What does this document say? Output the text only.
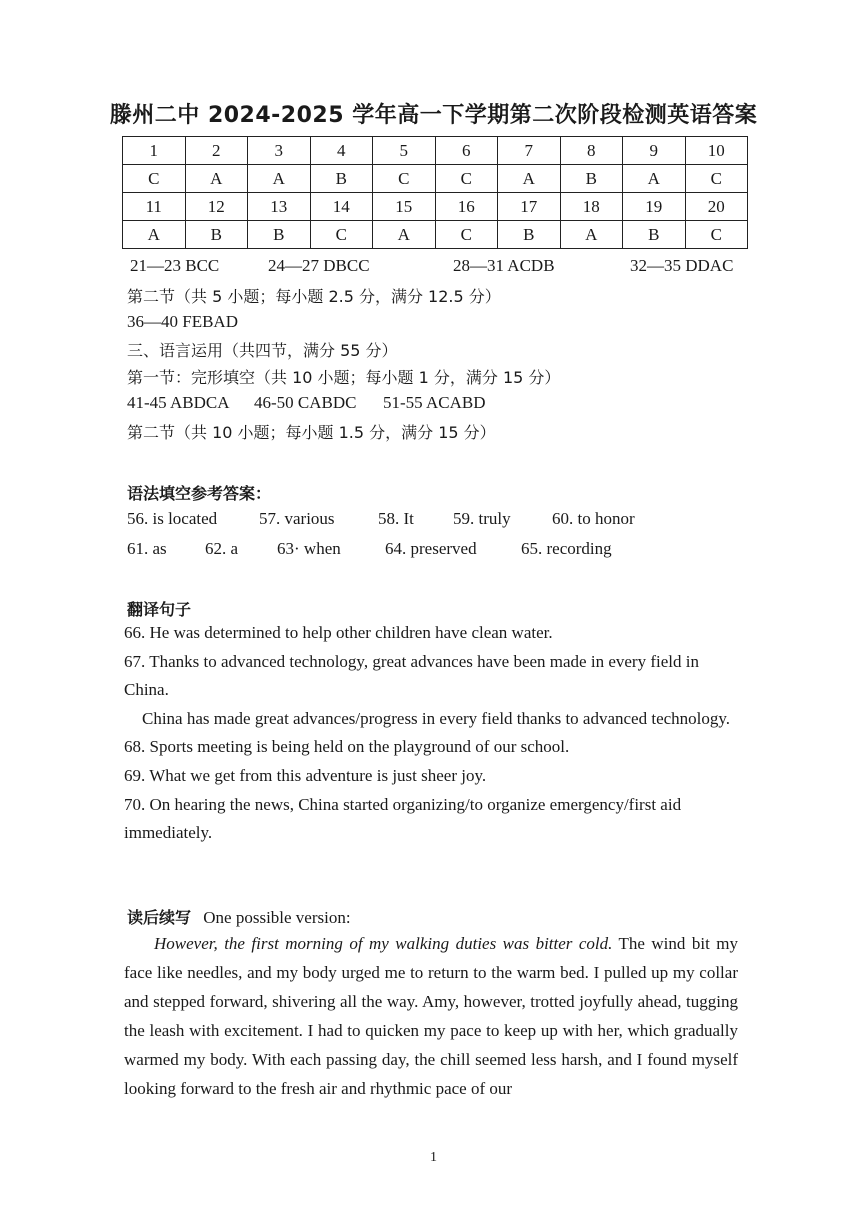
滕州二中 2024-2025 学年高一下学期第二次阶段检测英语答案
1	2	3	4	5	6	7	8	9	10
C	A	A	B	C	C	A	B	A	C
11	12	13	14	15	16	17	18	19	20
A	B	B	C	A	C	B	A	B	C
21—23 BCC	24—27 DBCC	28—31 ACDB	32—35 DDAC
第二节（共 5 小题；每小题 2.5 分，满分 12.5 分）
36—40 FEBAD
三、语言运用（共四节，满分 55 分）
第一节：完形填空（共 10 小题；每小题 1 分，满分 15 分）
41-45 ABDCA 46-50 CABDC 51-55 ACABD
第二节（共 10 小题；每小题 1.5 分，满分 15 分）
语法填空参考答案：
56. is located 57. various	58. It 59. truly 60. to honor
61. as 62. a 63· when	64. preserved	65. recording
翻译句子
66. He was determined to help other children have clean water.
67. Thanks to advanced technology, great advances have been made in every field in China.
China has made great advances/progress in every field thanks to advanced technology.
68. Sports meeting is being held on the playground of our school.
69. What we get from this adventure is just sheer joy.
70. On hearing the news, China started organizing/to organize emergency/first aid immediately.
读后续写 One possible version:
However, the first morning of my walking duties was bitter cold. The wind bit my face like needles, and my body urged me to return to the warm bed. I pulled up my collar and stepped forward, shivering all the way. Amy, however, trotted joyfully ahead, tugging the leash with excitement. I had to quicken my pace to keep up with her, which gradually warmed my body. With each passing day, the chill seemed less harsh, and I found myself looking forward to the fresh air and rhythmic pace of our
1
